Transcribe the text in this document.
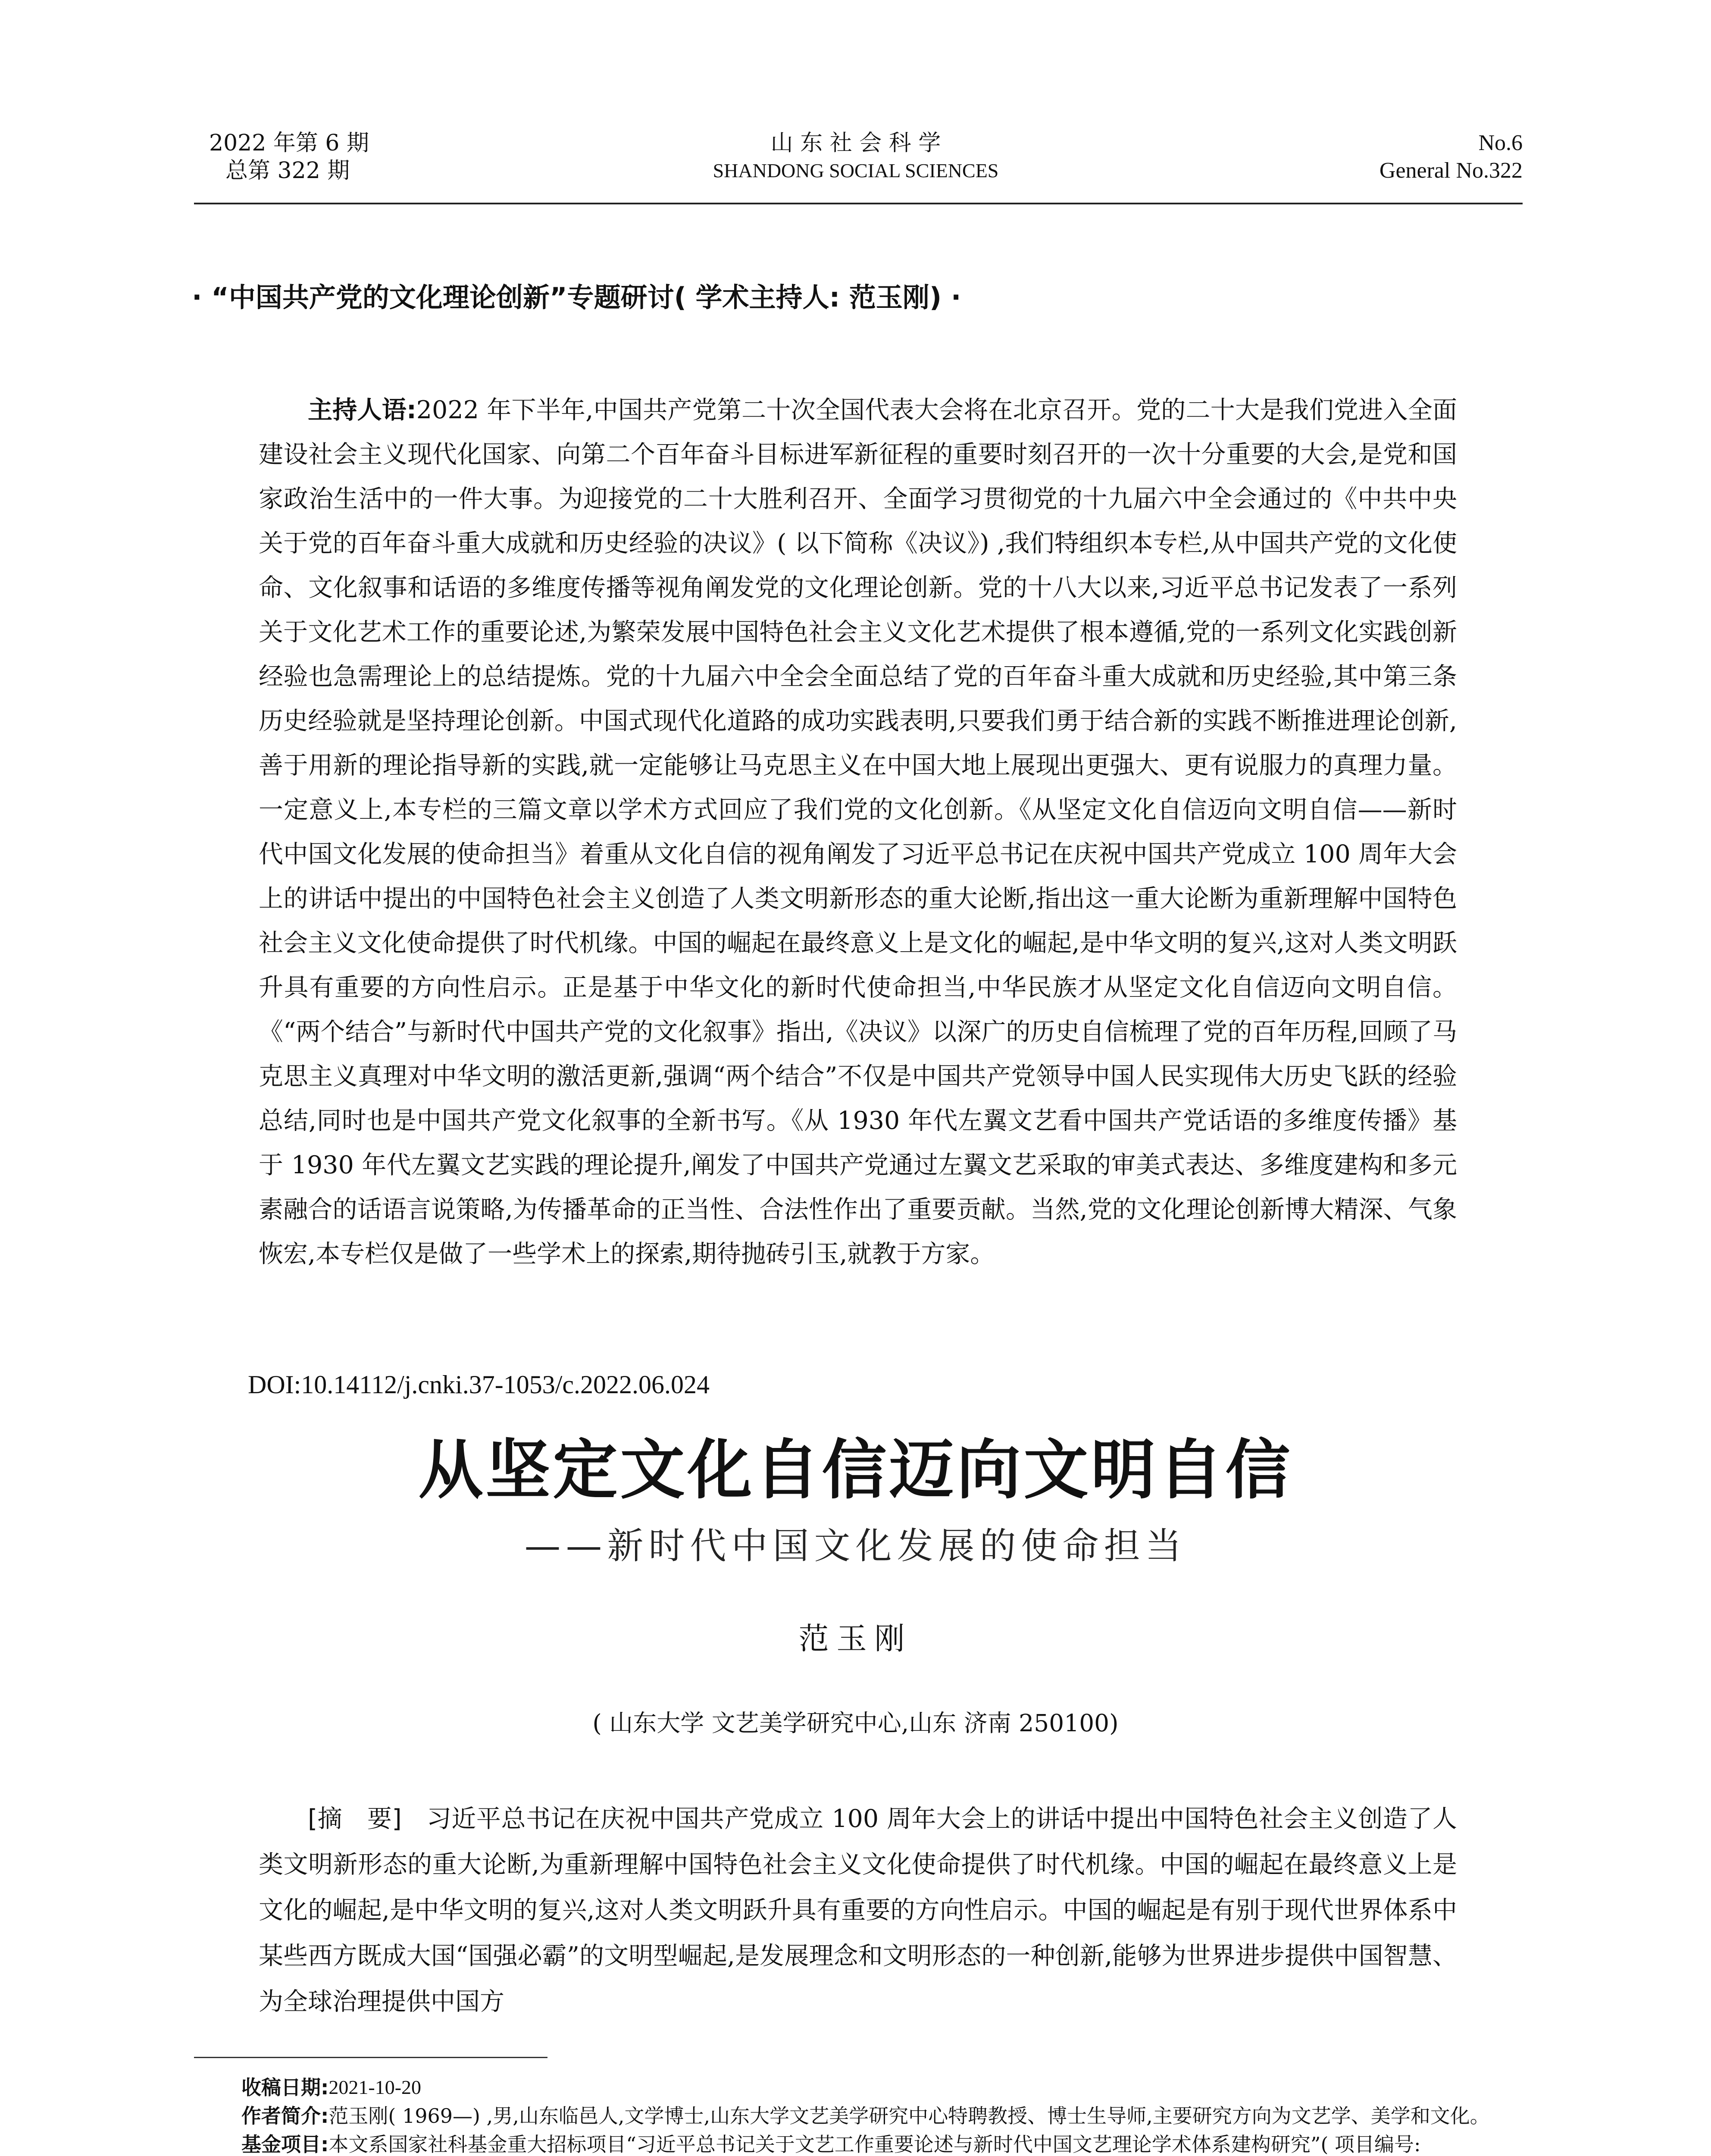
2022 年第 6 期
总第 322 期
山 东 社 会 科 学
SHANDONG SOCIAL SCIENCES
No.6
General No.322
· “中国共产党的文化理论创新”专题研讨( 学术主持人: 范玉刚) ·

主持人语:2022 年下半年,中国共产党第二十次全国代表大会将在北京召开。党的二十大是我们党进入全面建设社会主义现代化国家、向第二个百年奋斗目标进军新征程的重要时刻召开的一次十分重要的大会,是党和国家政治生活中的一件大事。为迎接党的二十大胜利召开、全面学习贯彻党的十九届六中全会通过的《中共中央关于党的百年奋斗重大成就和历史经验的决议》( 以下简称《决议》) ,我们特组织本专栏,从中国共产党的文化使命、文化叙事和话语的多维度传播等视角阐发党的文化理论创新。党的十八大以来,习近平总书记发表了一系列关于文化艺术工作的重要论述,为繁荣发展中国特色社会主义文化艺术提供了根本遵循,党的一系列文化实践创新经验也急需理论上的总结提炼。党的十九届六中全会全面总结了党的百年奋斗重大成就和历史经验,其中第三条历史经验就是坚持理论创新。中国式现代化道路的成功实践表明,只要我们勇于结合新的实践不断推进理论创新,善于用新的理论指导新的实践,就一定能够让马克思主义在中国大地上展现出更强大、更有说服力的真理力量。一定意义上,本专栏的三篇文章以学术方式回应了我们党的文化创新。《从坚定文化自信迈向文明自信——新时代中国文化发展的使命担当》着重从文化自信的视角阐发了习近平总书记在庆祝中国共产党成立 100 周年大会上的讲话中提出的中国特色社会主义创造了人类文明新形态的重大论断,指出这一重大论断为重新理解中国特色社会主义文化使命提供了时代机缘。中国的崛起在最终意义上是文化的崛起,是中华文明的复兴,这对人类文明跃升具有重要的方向性启示。正是基于中华文化的新时代使命担当,中华民族才从坚定文化自信迈向文明自信。《“两个结合”与新时代中国共产党的文化叙事》指出,《决议》以深广的历史自信梳理了党的百年历程,回顾了马克思主义真理对中华文明的激活更新,强调“两个结合”不仅是中国共产党领导中国人民实现伟大历史飞跃的经验总结,同时也是中国共产党文化叙事的全新书写。《从 1930 年代左翼文艺看中国共产党话语的多维度传播》基于 1930 年代左翼文艺实践的理论提升,阐发了中国共产党通过左翼文艺采取的审美式表达、多维度建构和多元素融合的话语言说策略,为传播革命的正当性、合法性作出了重要贡献。当然,党的文化理论创新博大精深、气象恢宏,本专栏仅是做了一些学术上的探索,期待抛砖引玉,就教于方家。

DOI:10.14112/j.cnki.37-1053/c.2022.06.024
从坚定文化自信迈向文明自信
——新时代中国文化发展的使命担当
范玉刚
( 山东大学 文艺美学研究中心,山东 济南 250100)

[摘　要]　 习近平总书记在庆祝中国共产党成立 100 周年大会上的讲话中提出中国特色社会主义创造了人类文明新形态的重大论断,为重新理解中国特色社会主义文化使命提供了时代机缘。中国的崛起在最终意义上是文化的崛起,是中华文明的复兴,这对人类文明跃升具有重要的方向性启示。中国的崛起是有别于现代世界体系中某些西方既成大国“国强必霸”的文明型崛起,是发展理念和文明形态的一种创新,能够为世界进步提供中国智慧、为全球治理提供中国方

收稿日期: 2021-10-20
作者简介: 范玉刚( 1969—) ,男,山东临邑人,文学博士,山东大学文艺美学研究中心特聘教授、博士生导师,主要研究方向为文艺学、美学和文化。
基金项目: 本文系国家社科基金重大招标项目“习近平总书记关于文艺工作重要论述与新时代中国文艺理论学术体系建构研究”( 项目编号:
